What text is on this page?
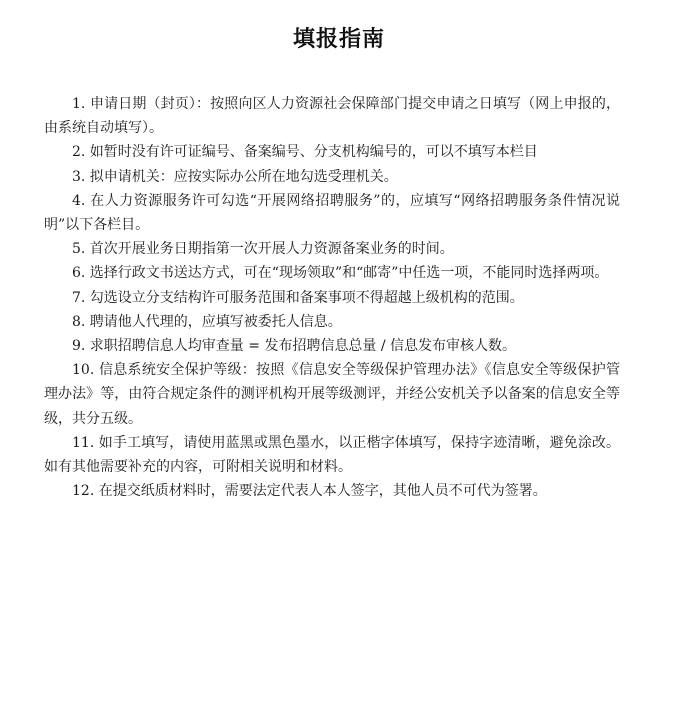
填报指南

1. 申请日期（封页）：按照向区人力资源社会保障部门提交申请之日填写（网上申报的，由系统自动填写）。

2. 如暂时没有许可证编号、备案编号、分支机构编号的，可以不填写本栏目

3. 拟申请机关：应按实际办公所在地勾选受理机关。

4. 在人力资源服务许可勾选“开展网络招聘服务”的，应填写“网络招聘服务条件情况说明”以下各栏目。

5. 首次开展业务日期指第一次开展人力资源备案业务的时间。

6. 选择行政文书送达方式，可在“现场领取”和“邮寄”中任选一项，不能同时选择两项。

7. 勾选设立分支结构许可服务范围和备案事项不得超越上级机构的范围。

8. 聘请他人代理的，应填写被委托人信息。

9. 求职招聘信息人均审查量 = 发布招聘信息总量 / 信息发布审核人数。

10. 信息系统安全保护等级：按照《信息安全等级保护管理办法》《信息安全等级保护管理办法》等，由符合规定条件的测评机构开展等级测评，并经公安机关予以备案的信息安全等级，共分五级。

11. 如手工填写，请使用蓝黑或黑色墨水，以正楷字体填写，保持字迹清晰，避免涂改。如有其他需要补充的内容，可附相关说明和材料。

12. 在提交纸质材料时，需要法定代表人本人签字，其他人员不可代为签署。
